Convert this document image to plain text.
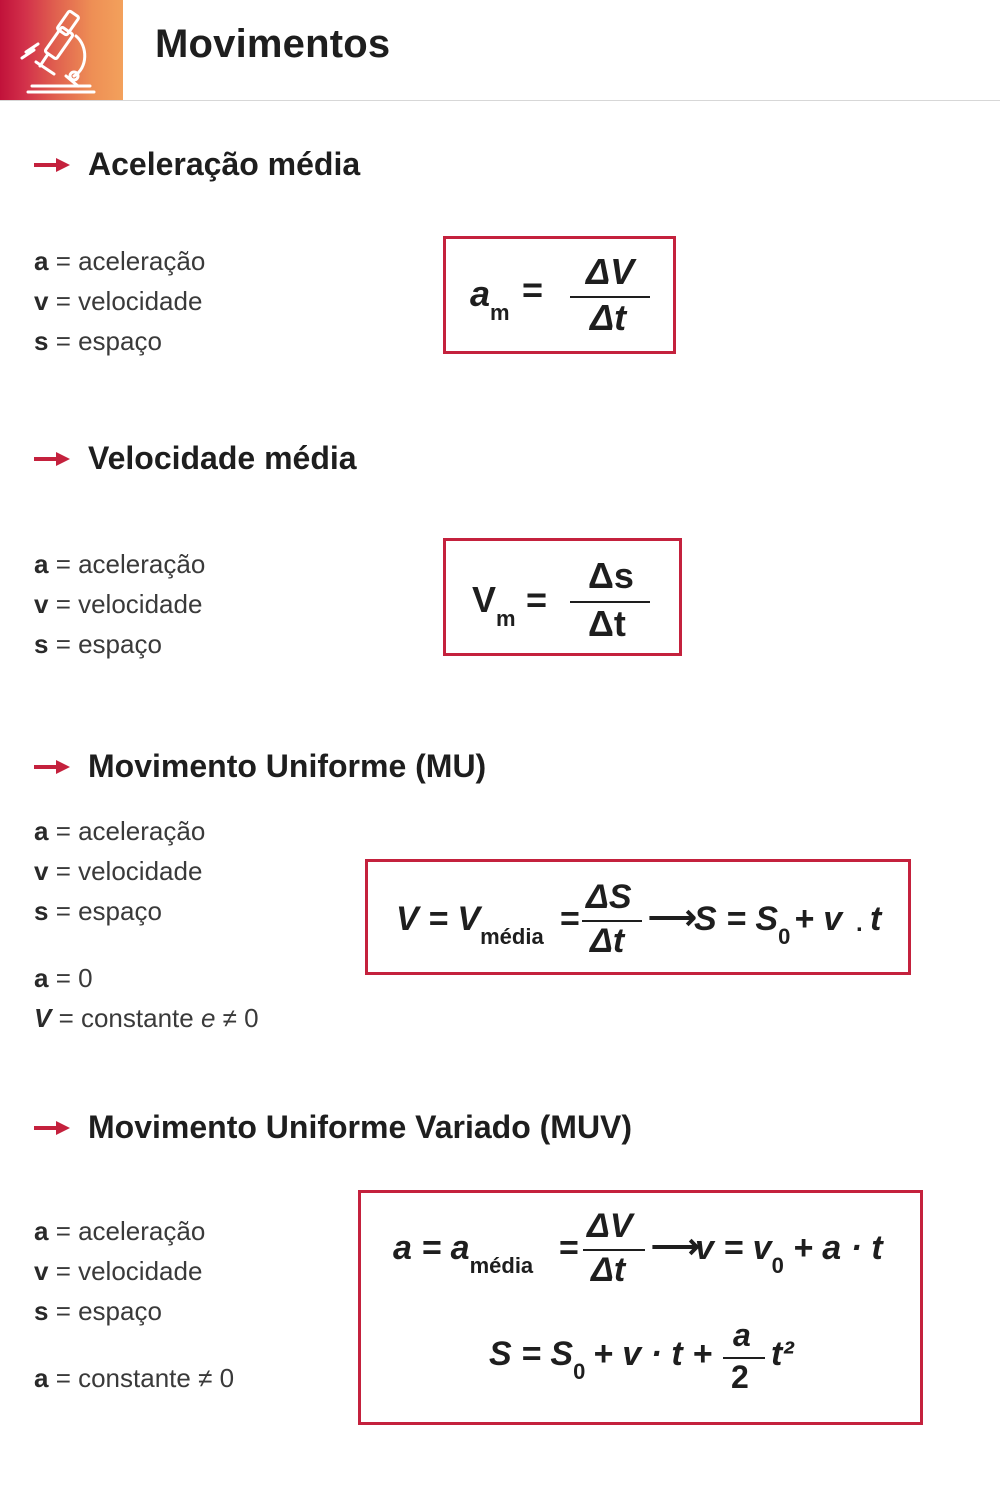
Movimentos
Aceleração média
a = aceleração
v = velocidade
s = espaço
$a_m$
= ΔV
Δt
Velocidade média
a = aceleração
v = velocidade
s = espaço
$V_m$ =
Δs
Δt
Movimento Uniforme (MU)
a = aceleração
v = velocidade
s = espaço
a = 0
V = constante e ≠ 0
$V = V_{média}$ =
ΔS
Δt
⟶
$S = S_0 + v$ . t
Movimento Uniforme Variado (MUV)
a = aceleração
v = velocidade
s = espaço
a = constante ≠ 0
$a = a_{média}$ =
ΔV
Δt
⟶
$v = v_0 + a \cdot t$
$S = S_0 + v \cdot t + a$
2
t²
